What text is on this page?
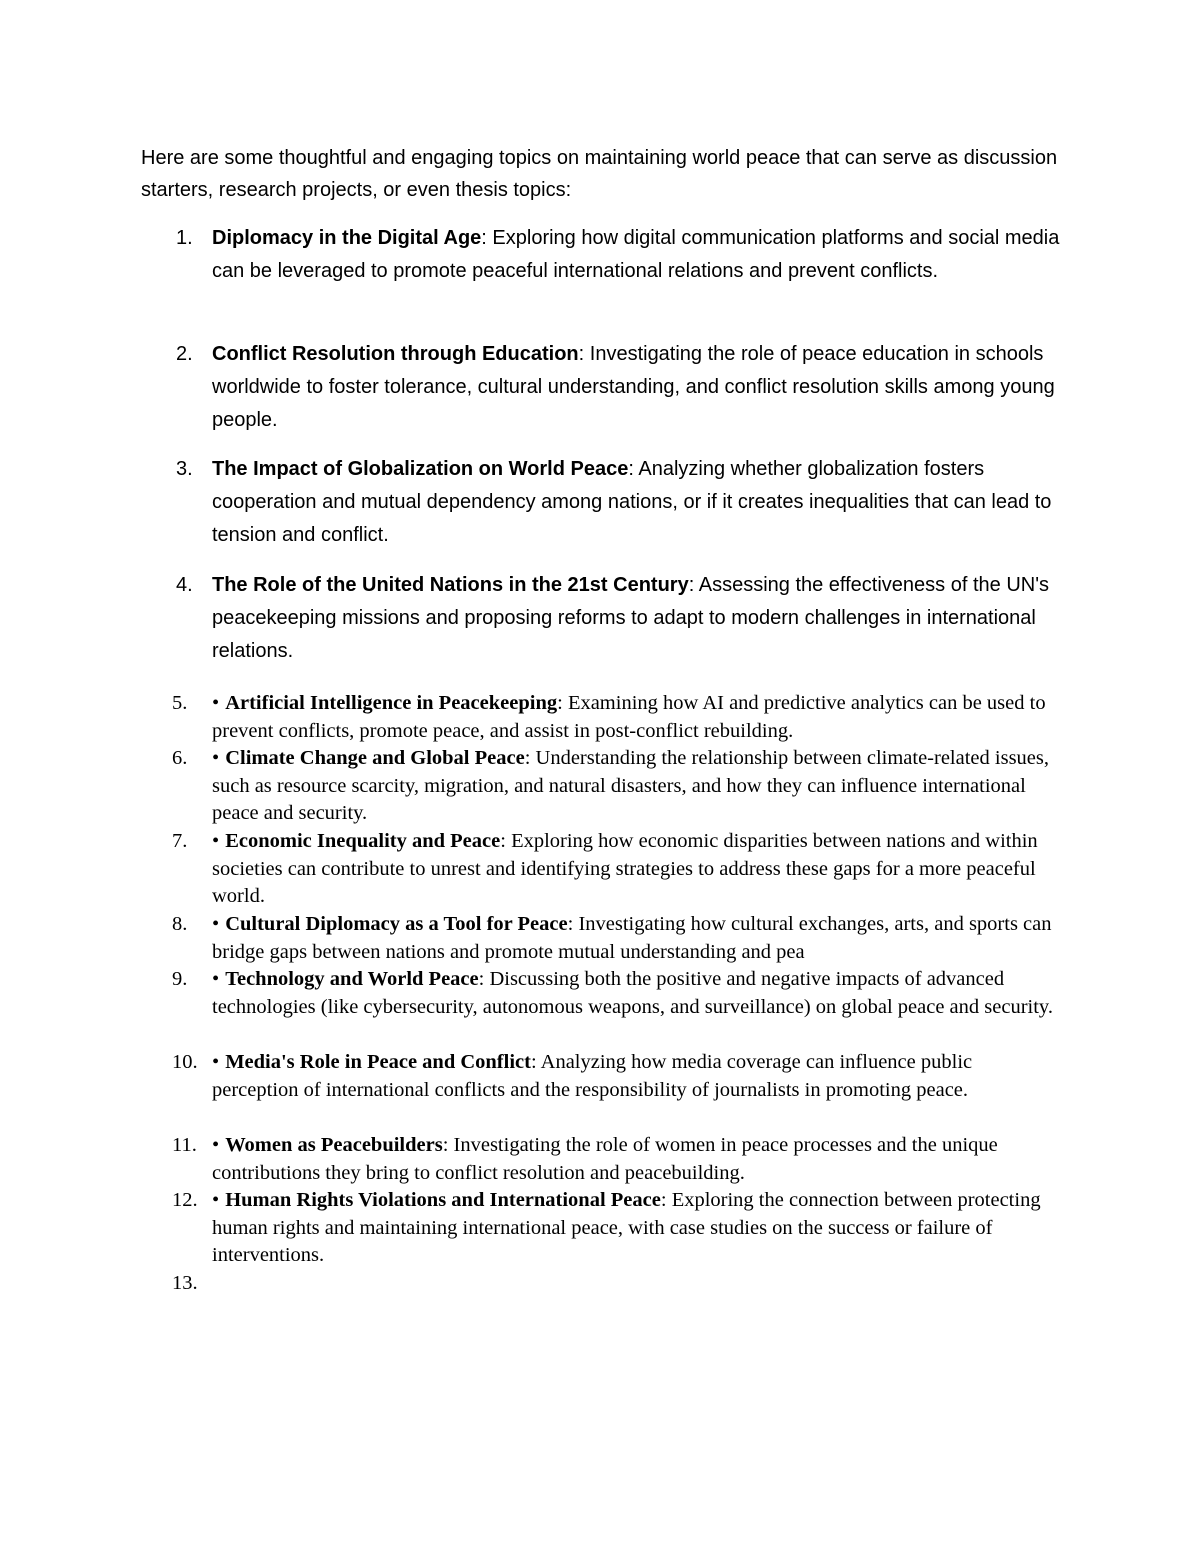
Here are some thoughtful and engaging topics on maintaining world peace that can serve as discussion starters, research projects, or even thesis topics:

1. Diplomacy in the Digital Age: Exploring how digital communication platforms and social media can be leveraged to promote peaceful international relations and prevent conflicts.
2. Conflict Resolution through Education: Investigating the role of peace education in schools worldwide to foster tolerance, cultural understanding, and conflict resolution skills among young people.
3. The Impact of Globalization on World Peace: Analyzing whether globalization fosters cooperation and mutual dependency among nations, or if it creates inequalities that can lead to tension and conflict.
4. The Role of the United Nations in the 21st Century: Assessing the effectiveness of the UN's peacekeeping missions and proposing reforms to adapt to modern challenges in international relations.
5.	• Artificial Intelligence in Peacekeeping: Examining how AI and predictive analytics can be used to prevent conflicts, promote peace, and assist in post-conflict rebuilding.
6.	• Climate Change and Global Peace: Understanding the relationship between climate-related issues, such as resource scarcity, migration, and natural disasters, and how they can influence international peace and security.
7.	• Economic Inequality and Peace: Exploring how economic disparities between nations and within societies can contribute to unrest and identifying strategies to address these gaps for a more peaceful world.
8.	• Cultural Diplomacy as a Tool for Peace: Investigating how cultural exchanges, arts, and sports can bridge gaps between nations and promote mutual understanding and pea
9.	• Technology and World Peace: Discussing both the positive and negative impacts of advanced technologies (like cybersecurity, autonomous weapons, and surveillance) on global peace and security.
10. • Media's Role in Peace and Conflict: Analyzing how media coverage can influence public perception of international conflicts and the responsibility of journalists in promoting peace.
11. • Women as Peacebuilders: Investigating the role of women in peace processes and the unique contributions they bring to conflict resolution and peacebuilding.
12. • Human Rights Violations and International Peace: Exploring the connection between protecting human rights and maintaining international peace, with case studies on the success or failure of interventions.
13.
